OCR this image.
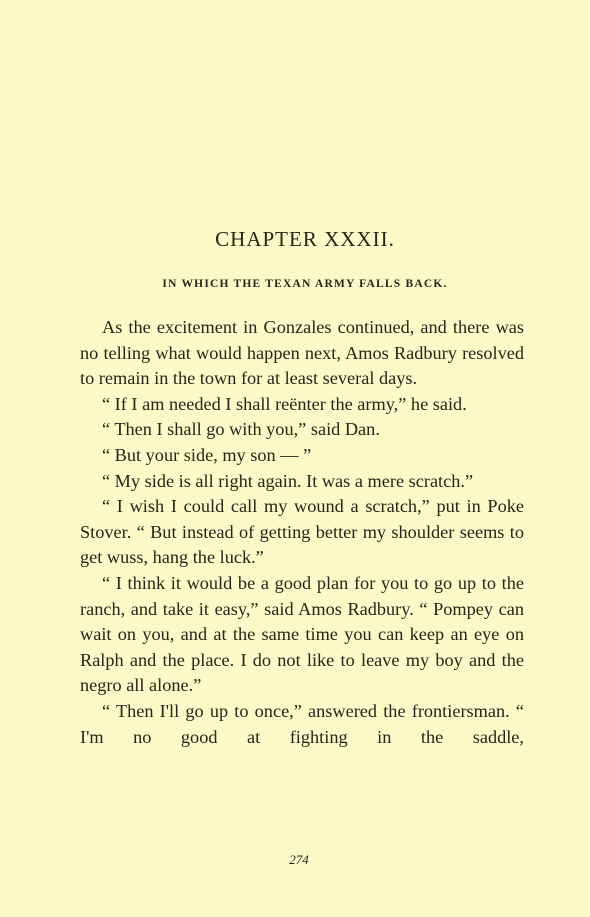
CHAPTER XXXII.
IN WHICH THE TEXAN ARMY FALLS BACK.

As the excitement in Gonzales continued, and there was no telling what would happen next, Amos Radbury resolved to remain in the town for at least several days.

“ If I am needed I shall reënter the army,” he said.

“ Then I shall go with you,” said Dan.

“ But your side, my son — ”

“ My side is all right again. It was a mere scratch.”

“ I wish I could call my wound a scratch,” put in Poke Stover. “ But instead of getting better my shoulder seems to get wuss, hang the luck.”

“ I think it would be a good plan for you to go up to the ranch, and take it easy,” said Amos Radbury. “ Pompey can wait on you, and at the same time you can keep an eye on Ralph and the place. I do not like to leave my boy and the negro all alone.”

“ Then I'll go up to once,” answered the frontiersman. “ I'm no good at fighting in the saddle,

274
